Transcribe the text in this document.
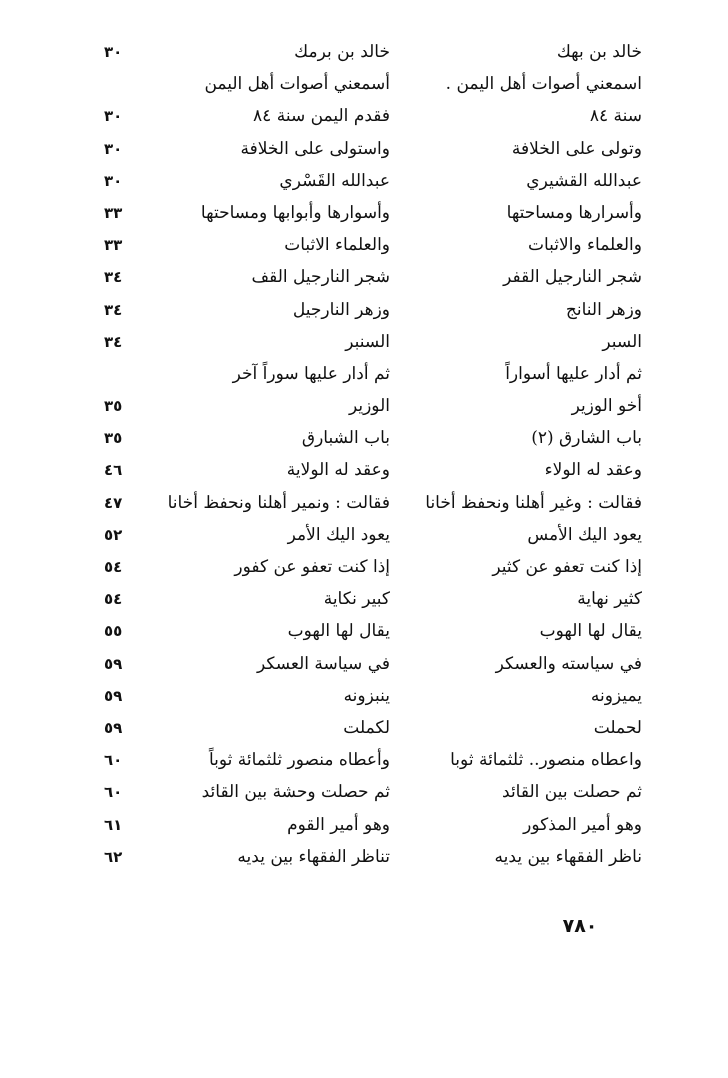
خالد بن بهك
خالد بن برمك
٣٠
اسمعني أصوات أهل اليمن .
أسمعني أصوات أهل اليمن
سنة ٨٤
فقدم اليمن سنة ٨٤
٣٠
وتولى على الخلافة
واستولى على الخلافة
٣٠
عبدالله القشيري
عبدالله القَسْري
٣٠
وأسرارها ومساحتها
وأسوارها وأبوابها ومساحتها
٣٣
والعلماء والاثبات
والعلماء الاثبات
٣٣
شجر النارجيل القفر
شجر النارجيل القف
٣٤
وزهر النانج
وزهر النارجيل
٣٤
السبر
السنبر
٣٤
ثم أدار عليها أسواراً
ثم أدار عليها سوراً آخر
أخو الوزير
الوزير
٣٥
باب الشارق (٢)
باب الشبارق
٣٥
وعقد له الولاء
وعقد له الولاية
٤٦
فقالت : وغير أهلنا ونحفظ أخانا
فقالت : ونمير أهلنا ونحفظ أخانا
٤٧
يعود اليك الأمس
يعود اليك الأمر
٥٢
إذا كنت تعفو عن كثير
إذا كنت تعفو عن كفور
٥٤
كثير نهاية
كبير نكاية
٥٤
يقال لها الهوب
يقال لها الهوب
٥٥
في سياسته والعسكر
في سياسة العسكر
٥٩
يميزونه
ينبزونه
٥٩
لحملت
لكملت
٥٩
واعطاه منصور.. ثلثمائة ثوبا
وأعطاه منصور ثلثمائة ثوباً
٦٠
ثم حصلت بين القائد
ثم حصلت وحشة بين القائد
٦٠
وهو أمير المذكور
وهو أمير القوم
٦١
ناظر الفقهاء بين يديه
تناظر الفقهاء بين يديه
٦٢
٧٨٠
